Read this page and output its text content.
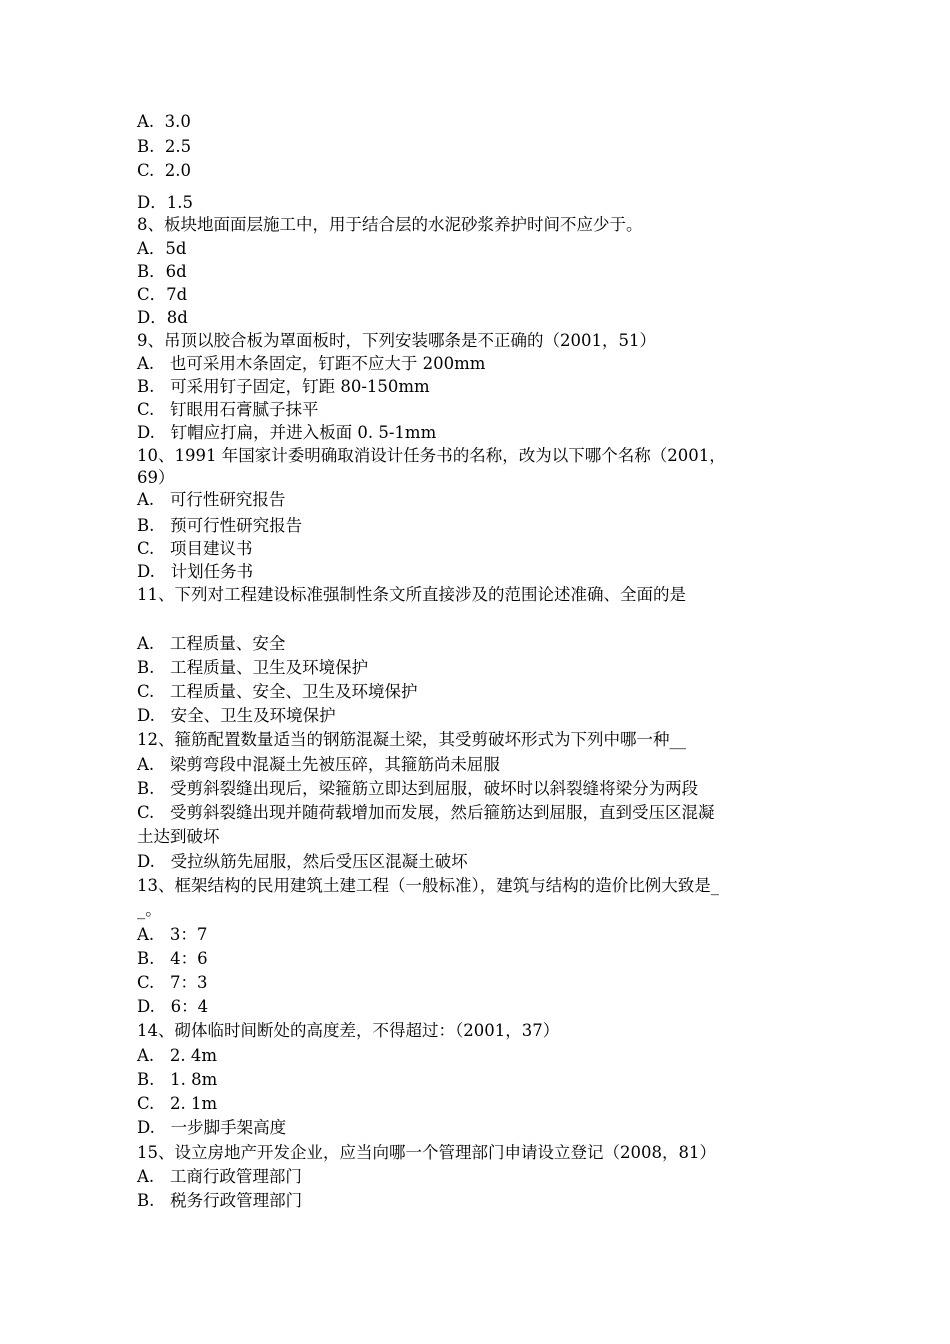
A.  3.0
B.  2.5
C.  2.0
D．1.5
8、板块地面面层施工中，用于结合层的水泥砂浆养护时间不应少于。
A．5d
B．6d
C．7d
D．8d
9、吊顶以胶合板为罩面板时，下列安装哪条是不正确的（2001，51）
A.   也可采用木条固定，钉距不应大于 200mm
B.   可采用钉子固定，钉距 80-150mm
C.   钉眼用石膏腻子抹平
D.   钉帽应打扁，并进入板面 0. 5-1mm
10、1991 年国家计委明确取消设计任务书的名称，改为以下哪个名称（2001，
69）
A.   可行性研究报告
B.   预可行性研究报告
C.   项目建议书
D.   计划任务书
11、下列对工程建设标准强制性条文所直接涉及的范围论述准确、全面的是
A.   工程质量、安全
B.   工程质量、卫生及环境保护
C.   工程质量、安全、卫生及环境保护
D.   安全、卫生及环境保护
12、箍筋配置数量适当的钢筋混凝土梁，其受剪破坏形式为下列中哪一种__
A.   梁剪弯段中混凝土先被压碎，其箍筋尚未屈服
B.   受剪斜裂缝出现后，梁箍筋立即达到屈服，破坏时以斜裂缝将梁分为两段
C.   受剪斜裂缝出现并随荷载增加而发展，然后箍筋达到屈服，直到受压区混凝
土达到破坏
D.   受拉纵筋先屈服，然后受压区混凝土破坏
13、框架结构的民用建筑土建工程（一般标准），建筑与结构的造价比例大致是_
_。
A.   3：7
B.   4：6
C.   7：3
D.   6：4
14、砌体临时间断处的高度差，不得超过：（2001，37）
A.   2. 4m
B.   1. 8m
C.   2. 1m
D.   一步脚手架高度
15、设立房地产开发企业，应当向哪一个管理部门申请设立登记（2008，81）
A.   工商行政管理部门
B.   税务行政管理部门
